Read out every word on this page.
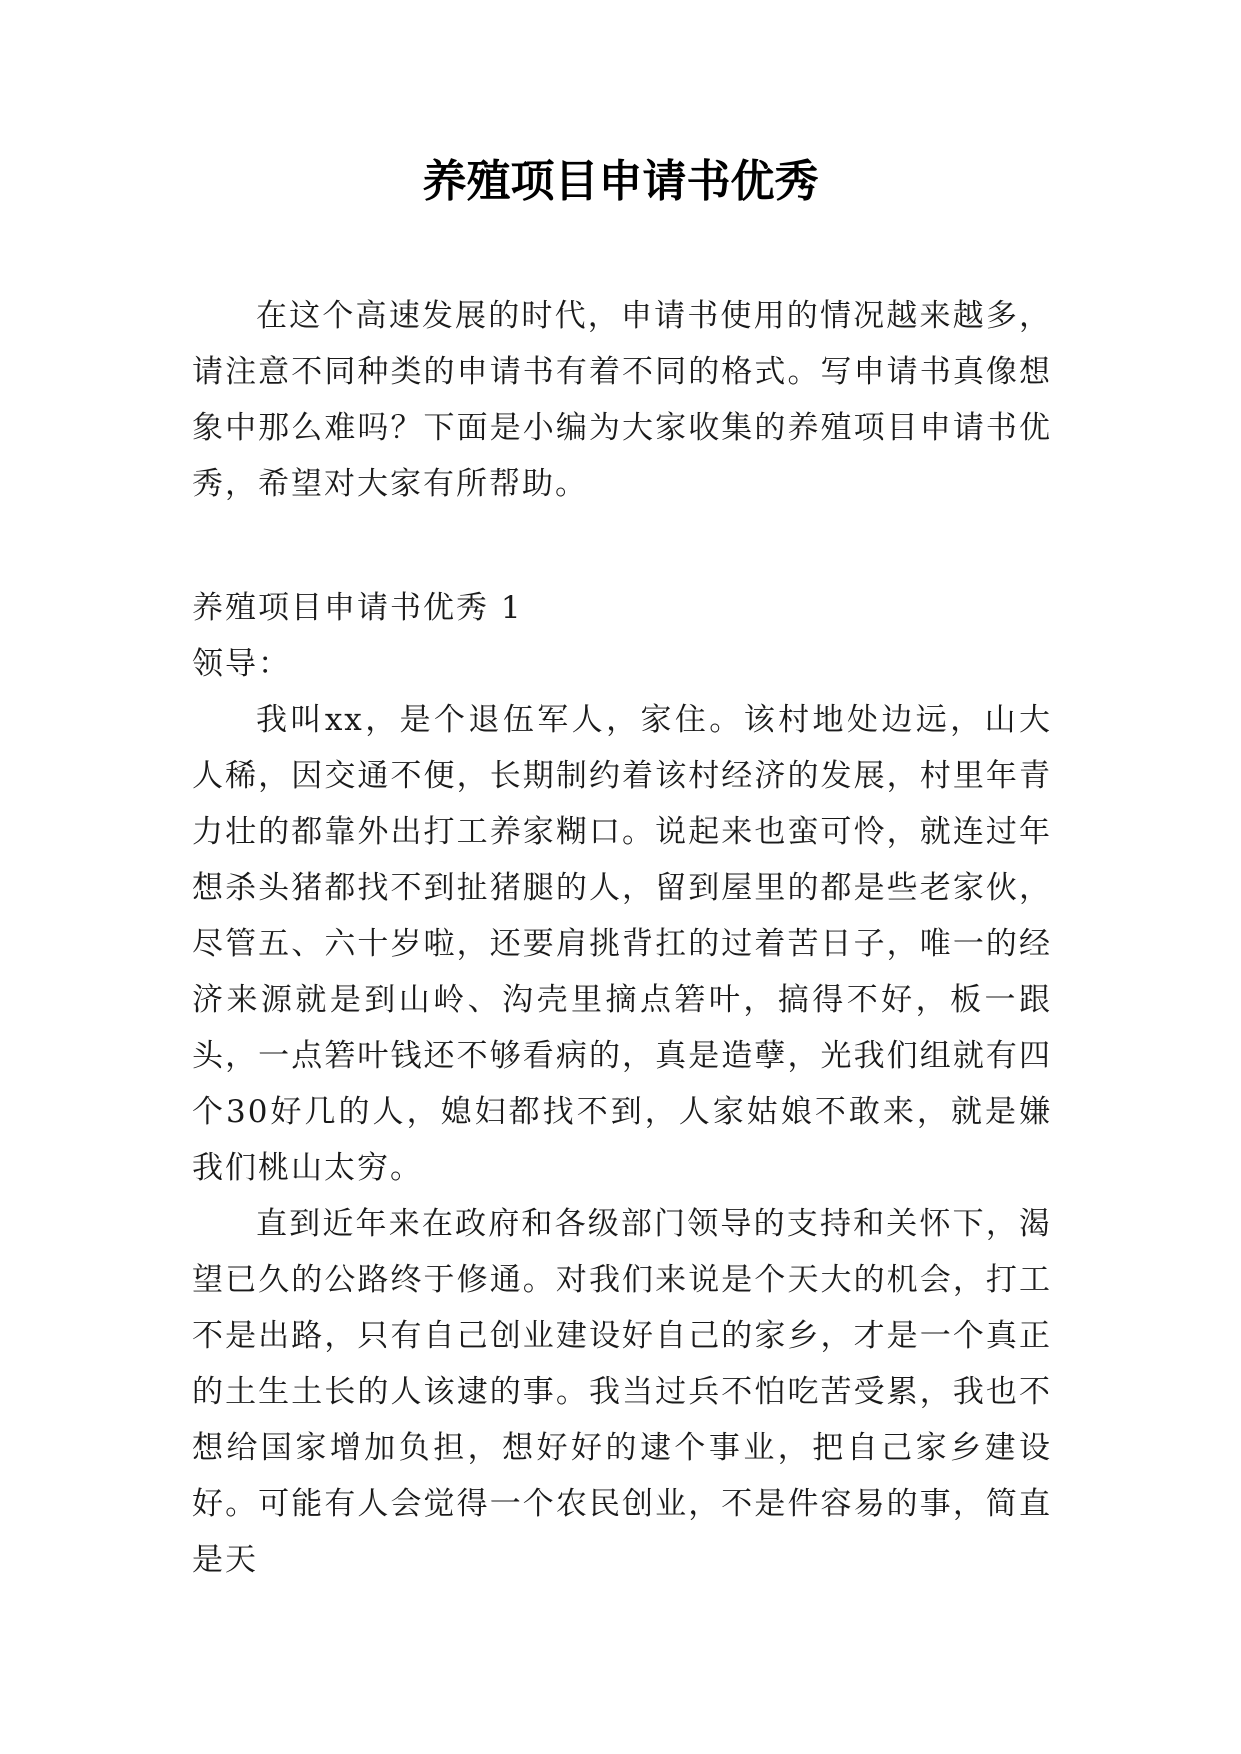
养殖项目申请书优秀

在这个高速发展的时代，申请书使用的情况越来越多，请注意不同种类的申请书有着不同的格式。写申请书真像想象中那么难吗？下面是小编为大家收集的养殖项目申请书优秀，希望对大家有所帮助。

养殖项目申请书优秀 1

领导：

我叫xx，是个退伍军人，家住。该村地处边远，山大人稀，因交通不便，长期制约着该村经济的发展，村里年青力壮的都靠外出打工养家糊口。说起来也蛮可怜，就连过年想杀头猪都找不到扯猪腿的人，留到屋里的都是些老家伙，尽管五、六十岁啦，还要肩挑背扛的过着苦日子，唯一的经济来源就是到山岭、沟壳里摘点箬叶，搞得不好，板一跟头，一点箬叶钱还不够看病的，真是造孽，光我们组就有四个30好几的人，媳妇都找不到，人家姑娘不敢来，就是嫌我们桃山太穷。

直到近年来在政府和各级部门领导的支持和关怀下，渴望已久的公路终于修通。对我们来说是个天大的机会，打工不是出路，只有自己创业建设好自己的家乡，才是一个真正的土生土长的人该逮的事。我当过兵不怕吃苦受累，我也不想给国家增加负担，想好好的逮个事业，把自己家乡建设好。可能有人会觉得一个农民创业，不是件容易的事，简直是天
